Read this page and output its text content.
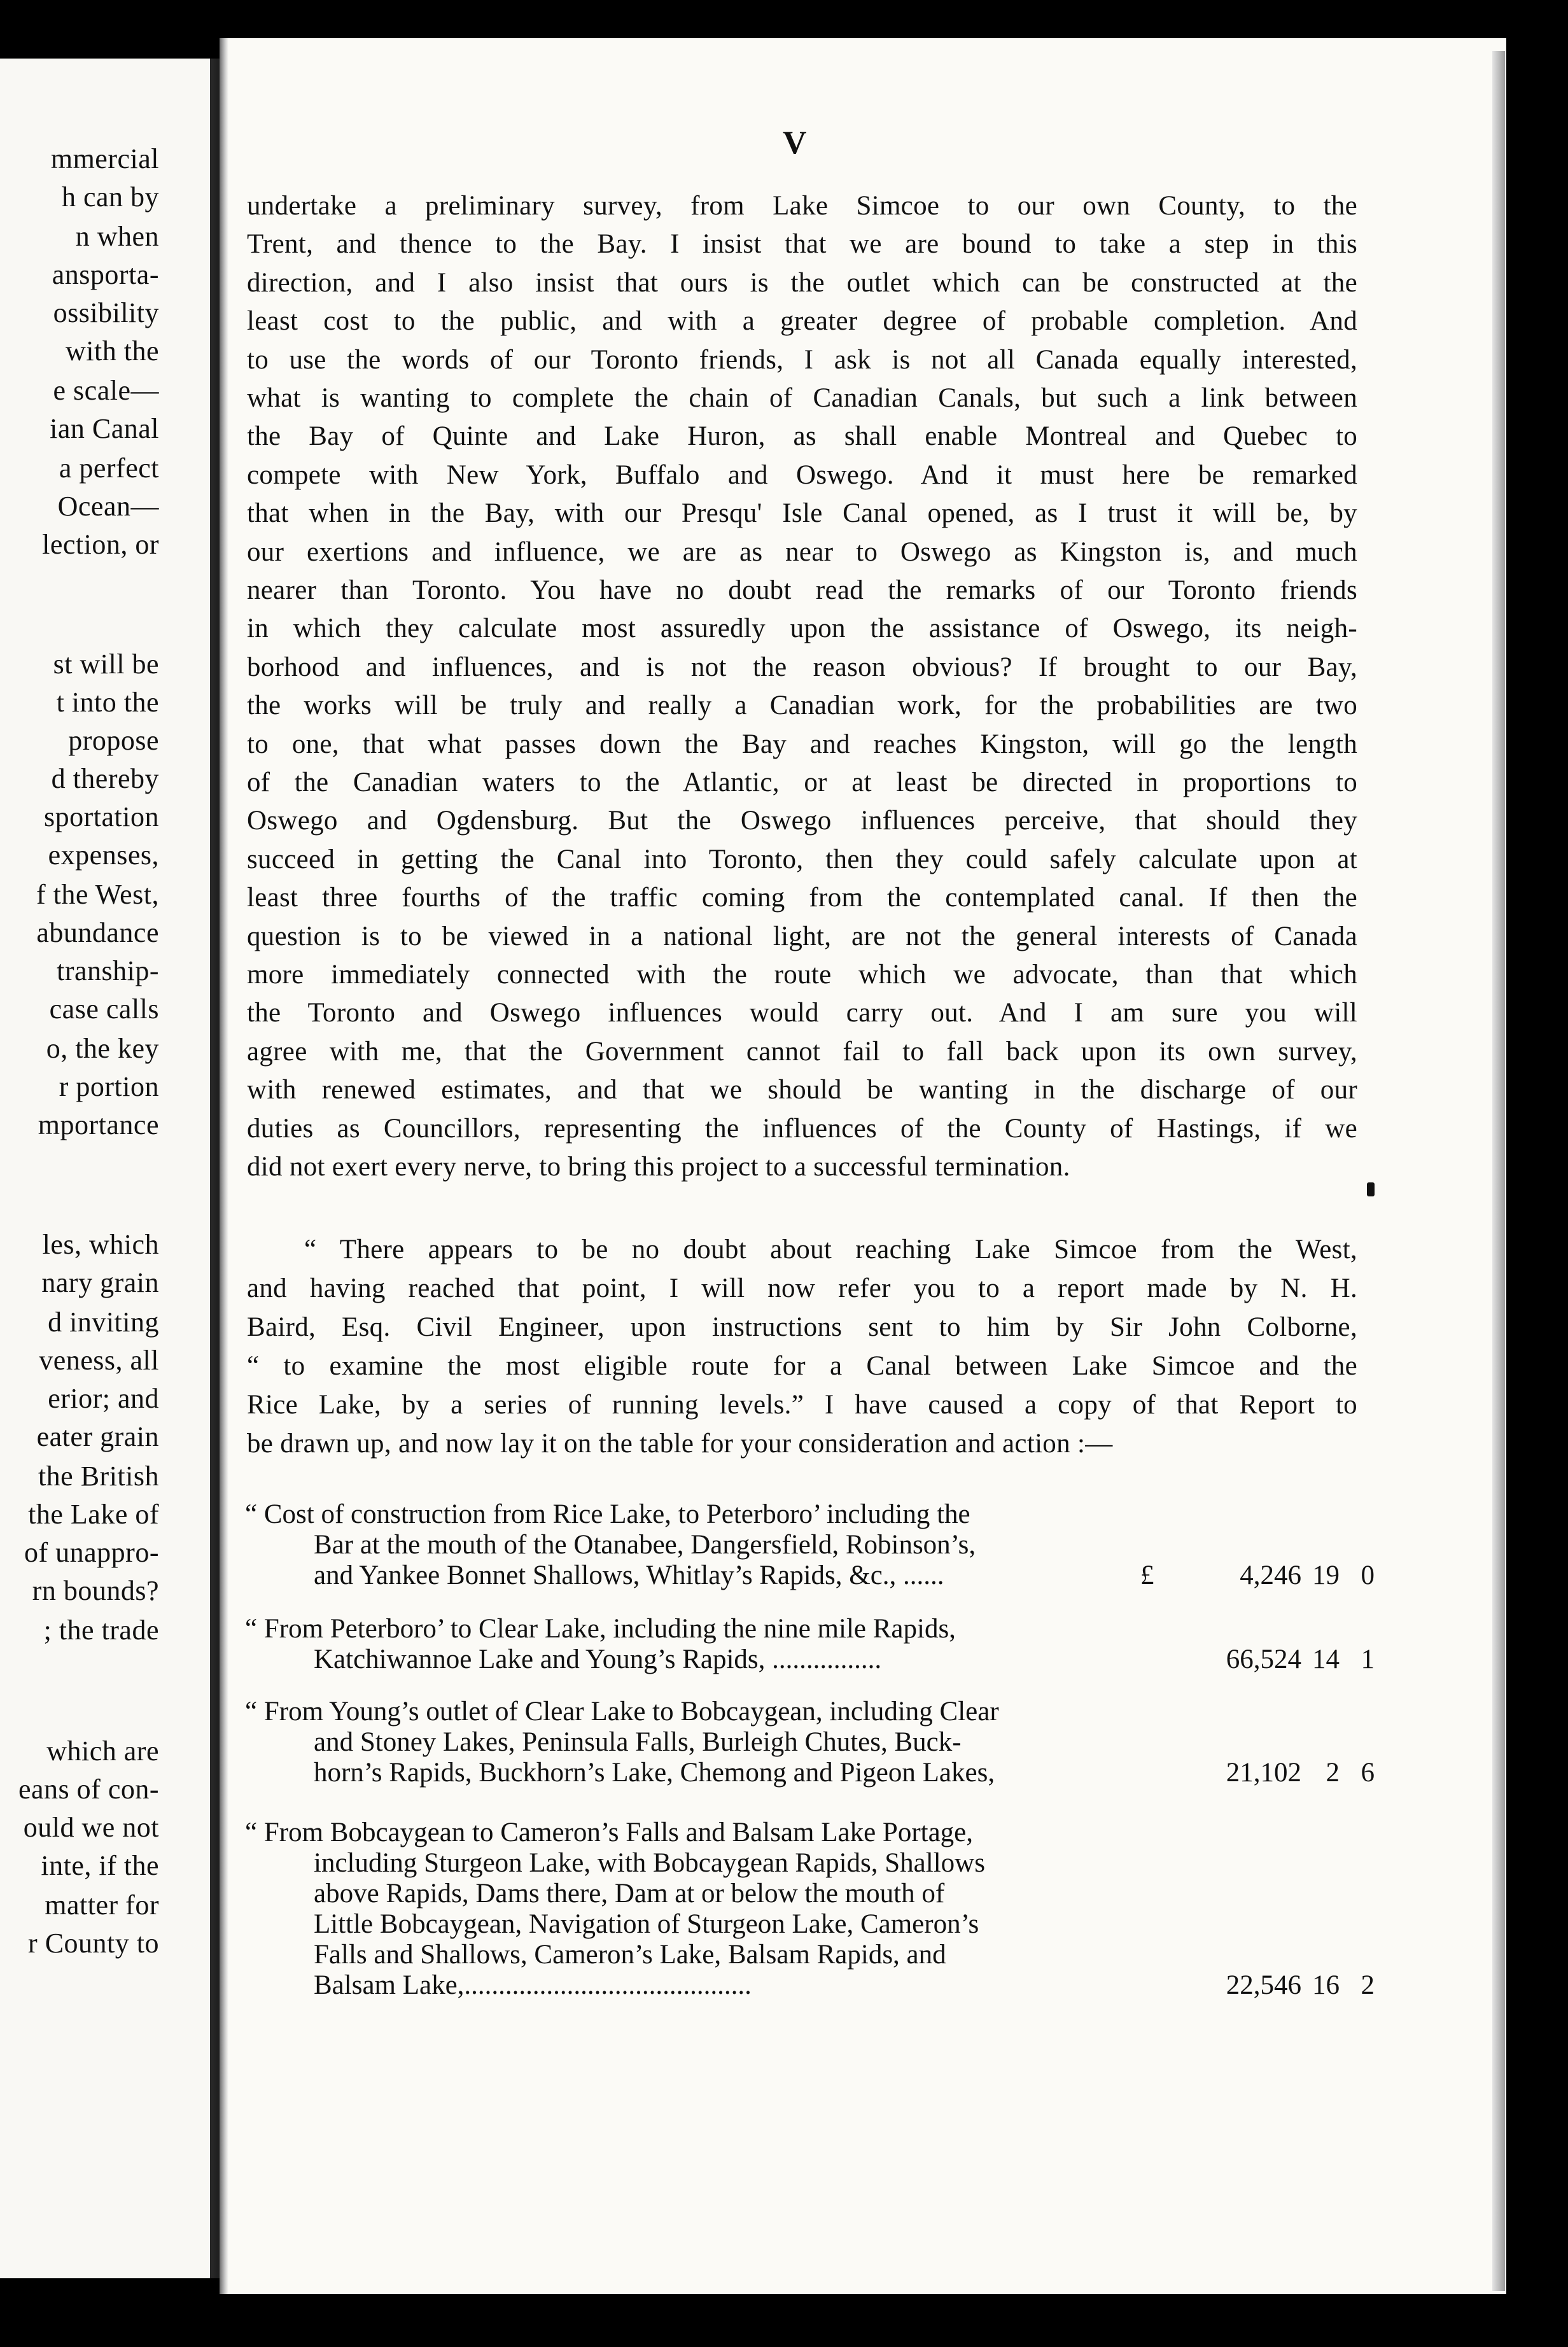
mmercial
h can by
n when
ansporta-
ossibility
with the
e scale—
ian Canal
a perfect
Ocean—
lection, or
st will be
t into the
propose
d thereby
sportation
expenses,
f the West,
abundance
tranship-
case calls
o, the key
r portion
mportance
les, which
nary grain
d inviting
veness, all
erior; and
eater grain
the British
the Lake of
of unappro-
rn bounds?
; the trade
which are
eans of con-
ould we not
inte, if the
matter for
r County to
V
undertake a preliminary survey, from Lake Simcoe to our own County, to the
Trent, and thence to the Bay. I insist that we are bound to take a step in this
direction, and I also insist that ours is the outlet which can be constructed at the
least cost to the public, and with a greater degree of probable completion. And
to use the words of our Toronto friends, I ask is not all Canada equally interested,
what is wanting to complete the chain of Canadian Canals, but such a link between
the Bay of Quinte and Lake Huron, as shall enable Montreal and Quebec to
compete with New York, Buffalo and Oswego. And it must here be remarked
that when in the Bay, with our Presqu' Isle Canal opened, as I trust it will be, by
our exertions and influence, we are as near to Oswego as Kingston is, and much
nearer than Toronto. You have no doubt read the remarks of our Toronto friends
in which they calculate most assuredly upon the assistance of Oswego, its neigh-
borhood and influences, and is not the reason obvious? If brought to our Bay,
the works will be truly and really a Canadian work, for the probabilities are two
to one, that what passes down the Bay and reaches Kingston, will go the length
of the Canadian waters to the Atlantic, or at least be directed in proportions to
Oswego and Ogdensburg. But the Oswego influences perceive, that should they
succeed in getting the Canal into Toronto, then they could safely calculate upon at
least three fourths of the traffic coming from the contemplated canal. If then the
question is to be viewed in a national light, are not the general interests of Canada
more immediately connected with the route which we advocate, than that which
the Toronto and Oswego influences would carry out. And I am sure you will
agree with me, that the Government cannot fail to fall back upon its own survey,
with renewed estimates, and that we should be wanting in the discharge of our
duties as Councillors, representing the influences of the County of Hastings, if we
did not exert every nerve, to bring this project to a successful termination.
“ There appears to be no doubt about reaching Lake Simcoe from the West,
and having reached that point, I will now refer you to a report made by N. H.
Baird, Esq. Civil Engineer, upon instructions sent to him by Sir John Colborne,
“ to examine the most eligible route for a Canal between Lake Simcoe and the
Rice Lake, by a series of running levels.” I have caused a copy of that Report to
be drawn up, and now lay it on the table for your consideration and action :—
“ Cost of construction from Rice Lake, to Peterboro’ including the
Bar at the mouth of the Otanabee, Dangersfield, Robinson’s,
and Yankee Bonnet Shallows, Whitlay’s Rapids, &c., ......	£	4,246 19 0
“ From Peterboro’ to Clear Lake, including the nine mile Rapids,
Katchiwannoe Lake and Young’s Rapids, ................	66,524 14 1
“ From Young’s outlet of Clear Lake to Bobcaygean, including Clear
and Stoney Lakes, Peninsula Falls, Burleigh Chutes, Buck-
horn’s Rapids, Buckhorn’s Lake, Chemong and Pigeon Lakes,	21,102 2 6
“ From Bobcaygean to Cameron’s Falls and Balsam Lake Portage,
including Sturgeon Lake, with Bobcaygean Rapids, Shallows
above Rapids, Dams there, Dam at or below the mouth of
Little Bobcaygean, Navigation of Sturgeon Lake, Cameron’s
Falls and Shallows, Cameron’s Lake, Balsam Rapids, and
Balsam Lake,..........................................	22,546 16 2
